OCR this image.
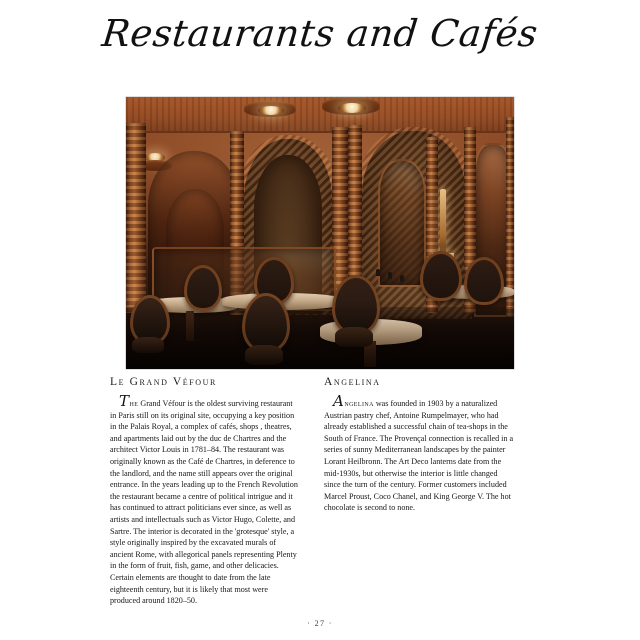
Restaurants and Cafés
Le Grand Véfour

The Grand Véfour is the oldest surviving restaurant in Paris still on its original site, occupying a key position in the Palais Royal, a complex of cafés, shops , theatres, and apartments laid out by the duc de Chartres and the architect Victor Louis in 1781–84. The restaurant was originally known as the Café de Chartres, in deference to the landlord, and the name still appears over the original entrance. In the years leading up to the French Revolution the restaurant became a centre of political intrigue and it has continued to attract politicians ever since, as well as artists and intellectuals such as Victor Hugo, Colette, and Sartre. The interior is decorated in the 'grotesque' style, a style originally inspired by the excavated murals of ancient Rome, with allegorical panels representing Plenty in the form of fruit, fish, game, and other delicacies. Certain elements are thought to date from the late eighteenth century, but it is likely that most were produced around 1820–50.

Angelina

Angelina was founded in 1903 by a naturalized Austrian pastry chef, Antoine Rumpelmayer, who had already established a successful chain of tea-shops in the South of France. The Provençal connection is recalled in a series of sunny Mediterranean landscapes by the painter Lorant Heilbronn. The Art Deco lanterns date from the mid-1930s, but otherwise the interior is little changed since the turn of the century. Former customers included Marcel Proust, Coco Chanel, and King George V. The hot chocolate is second to none.

· 27 ·
